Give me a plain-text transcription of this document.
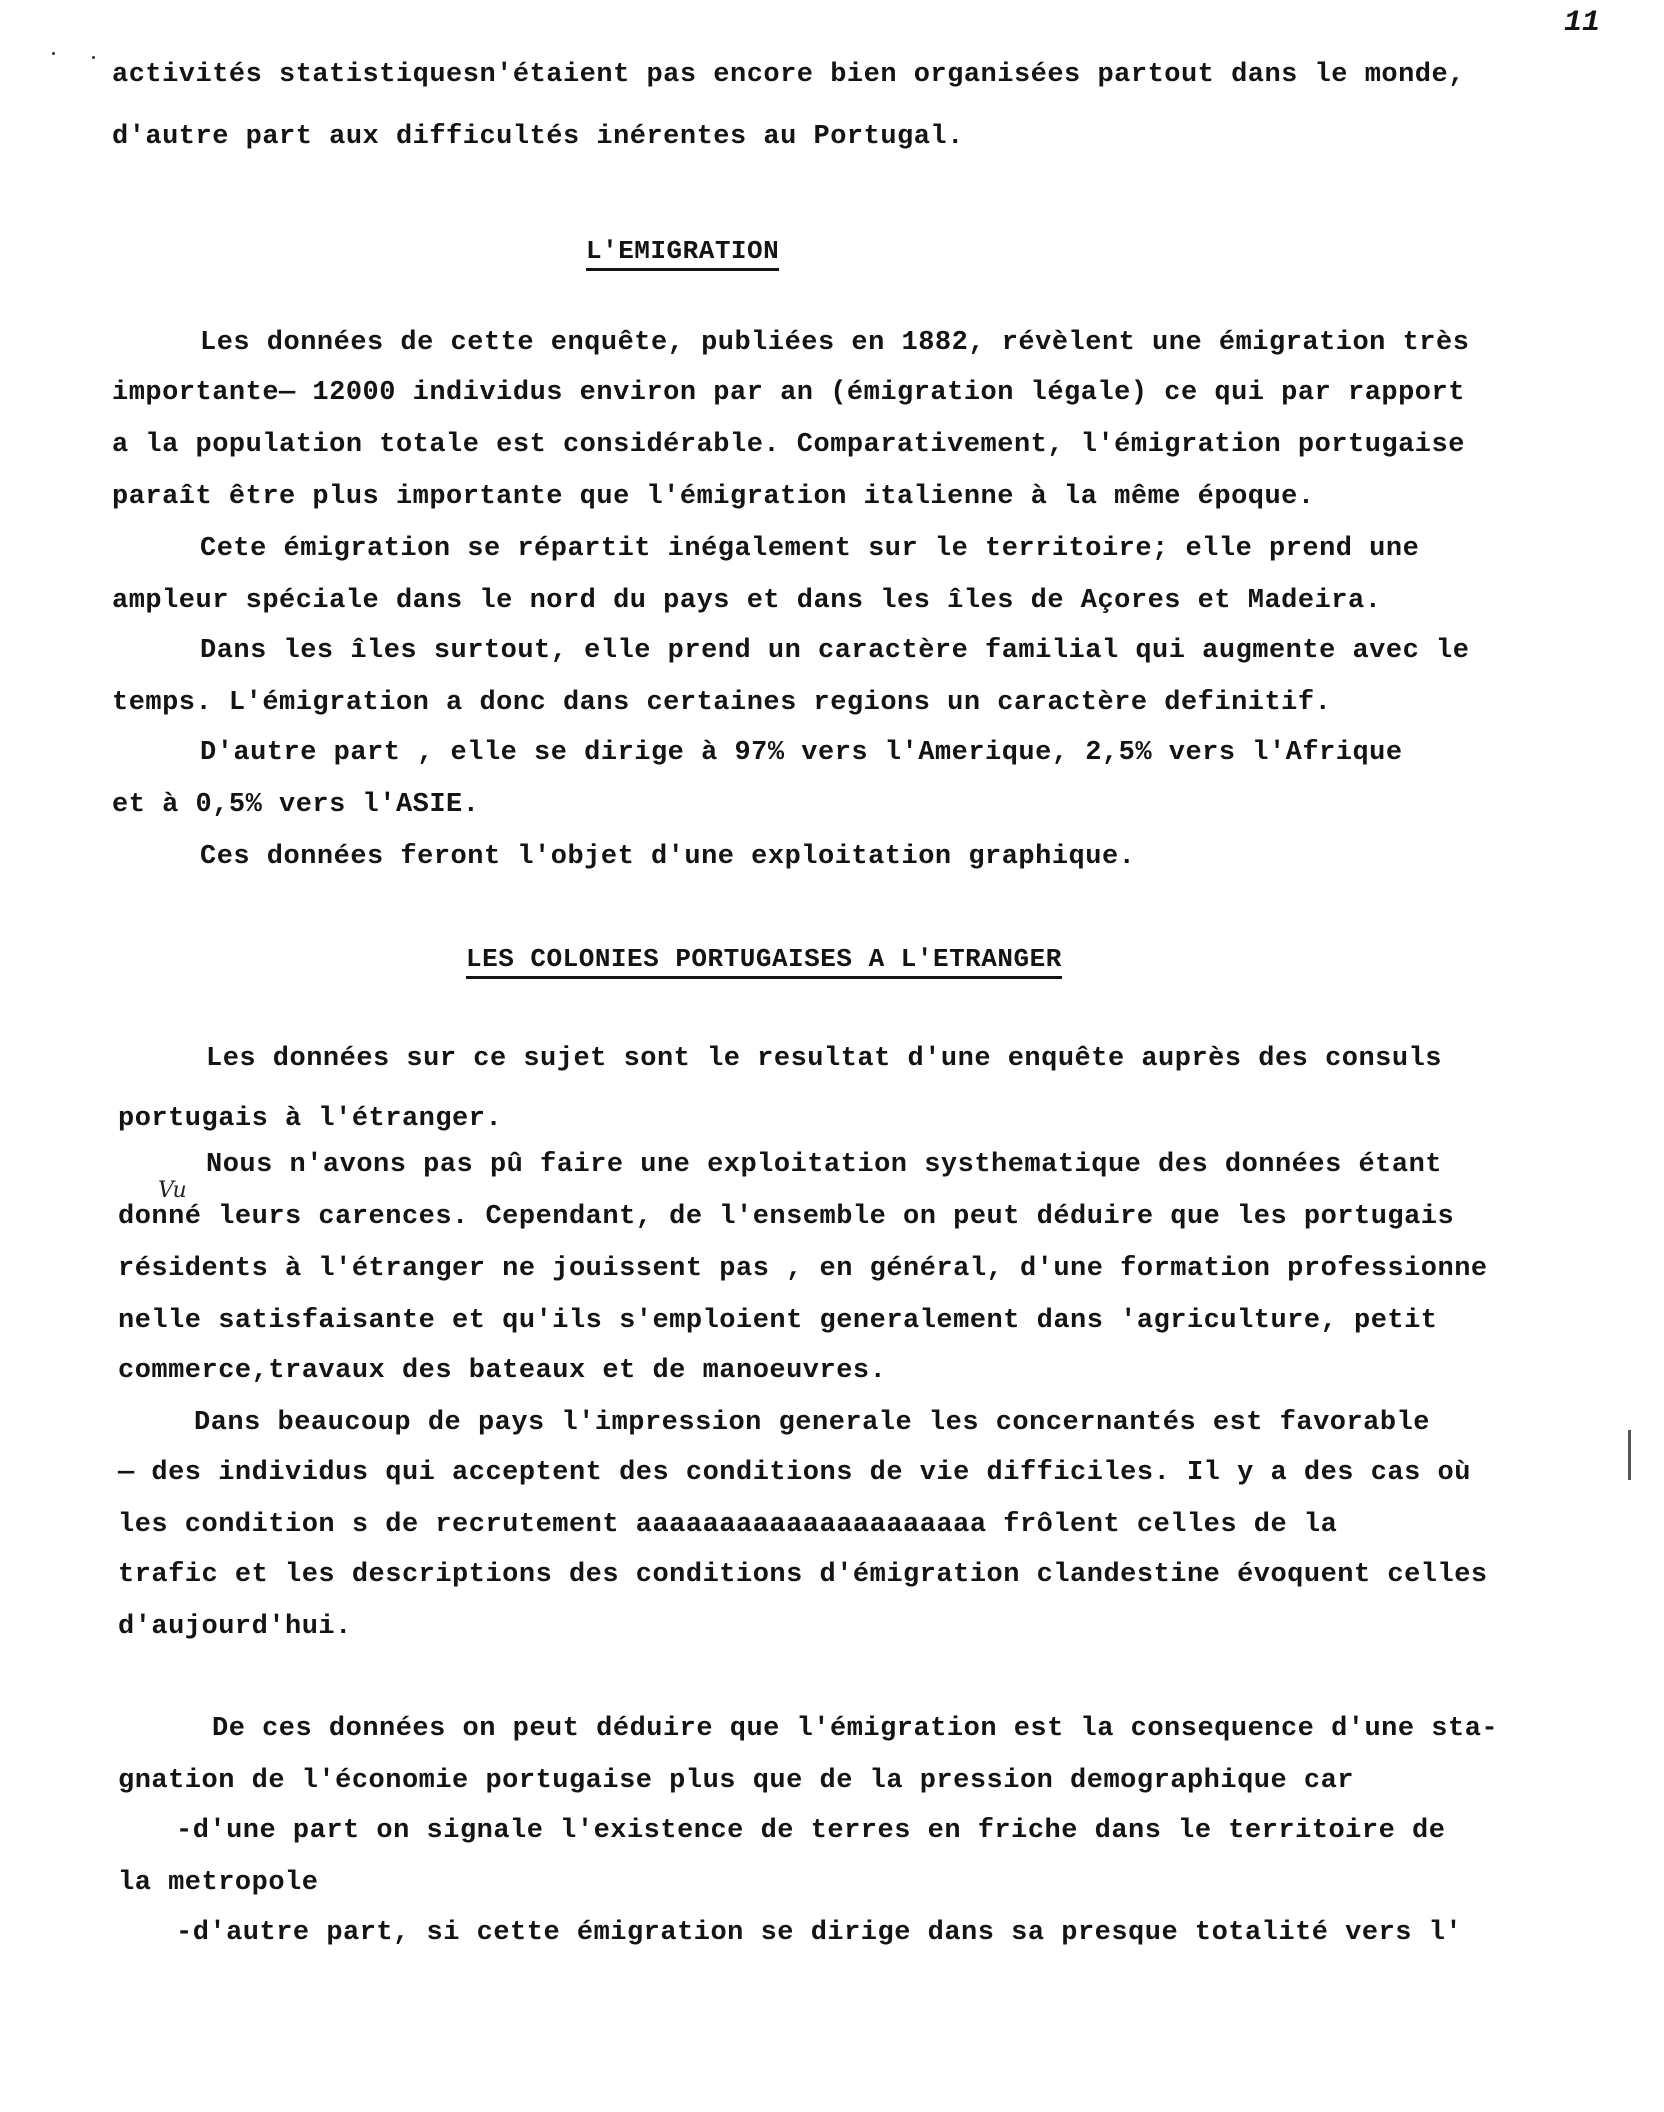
11
activités statistiquesn'étaient pas encore bien organisées partout dans le monde,
d'autre part aux difficultés inérentes au Portugal.
L'EMIGRATION
Les données de cette enquête, publiées en 1882, révèlent une émigration très
importante— 12000 individus environ par an (émigration légale) ce qui par rapport
a la population totale est considérable. Comparativement, l'émigration portugaise
paraît être plus importante que l'émigration italienne à la même époque.
Cete émigration se répartit inégalement sur le territoire; elle prend une
ampleur spéciale dans le nord du pays et dans les îles de Açores et Madeira.
Dans les îles surtout, elle prend un caractère familial qui augmente avec le
temps. L'émigration a donc dans certaines regions un caractère definitif.
D'autre part , elle se dirige à 97% vers l'Amerique, 2,5% vers l'Afrique
et à 0,5% vers l'ASIE.
Ces données feront l'objet d'une exploitation graphique.
LES COLONIES PORTUGAISES A L'ETRANGER
Les données sur ce sujet sont le resultat d'une enquête auprès des consuls
portugais à l'étranger.
Nous n'avons pas pû faire une exploitation systhematique des données étant
Vu
donné leurs carences. Cependant, de l'ensemble on peut déduire que les portugais
résidents à l'étranger ne jouissent pas , en général, d'une formation professionne
nelle satisfaisante et qu'ils s'emploient generalement dans 'agriculture, petit
commerce,travaux des bateaux et de manoeuvres.
Dans beaucoup de pays l'impression generale les concernantés est favorable
— des individus qui acceptent des conditions de vie difficiles. Il y a des cas où
les condition s de recrutement aaaaaaaaaaaaaaaaaaaaa frôlent celles de la
trafic et les descriptions des conditions d'émigration clandestine évoquent celles
d'aujourd'hui.
De ces données on peut déduire que l'émigration est la consequence d'une sta-
gnation de l'économie portugaise plus que de la pression demographique car
-d'une part on signale l'existence de terres en friche dans le territoire de
la metropole
-d'autre part, si cette émigration se dirige dans sa presque totalité vers l'
